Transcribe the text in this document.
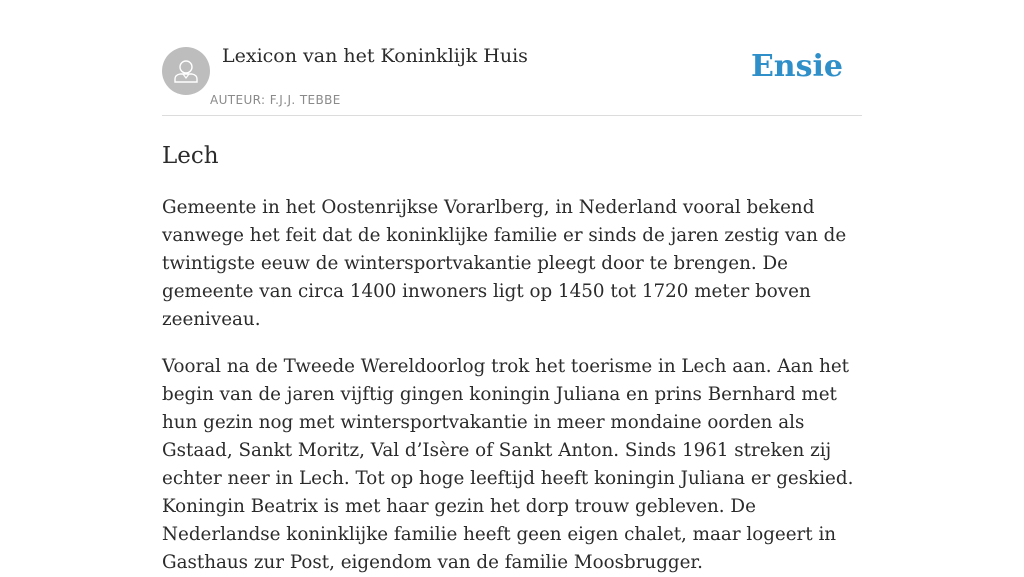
Lexicon van het Koninklijk Huis
AUTEUR: F.J.J. TEBBE
Ensie
Lech

Gemeente in het Oostenrijkse Vorarlberg, in Nederland vooral bekend vanwege het feit dat de koninklijke familie er sinds de jaren zestig van de twintigste eeuw de wintersportvakantie pleegt door te brengen. De gemeente van circa 1400 inwoners ligt op 1450 tot 1720 meter boven zeeniveau.

Vooral na de Tweede Wereldoorlog trok het toerisme in Lech aan. Aan het begin van de jaren vijftig gingen koningin Juliana en prins Bernhard met hun gezin nog met wintersportvakantie in meer mondaine oorden als Gstaad, Sankt Moritz, Val d’Isère of Sankt Anton. Sinds 1961 streken zij echter neer in Lech. Tot op hoge leeftijd heeft koningin Juliana er geskied. Koningin Beatrix is met haar gezin het dorp trouw gebleven. De Nederlandse koninklijke familie heeft geen eigen chalet, maar logeert in Gasthaus zur Post, eigendom van de familie Moosbrugger.
